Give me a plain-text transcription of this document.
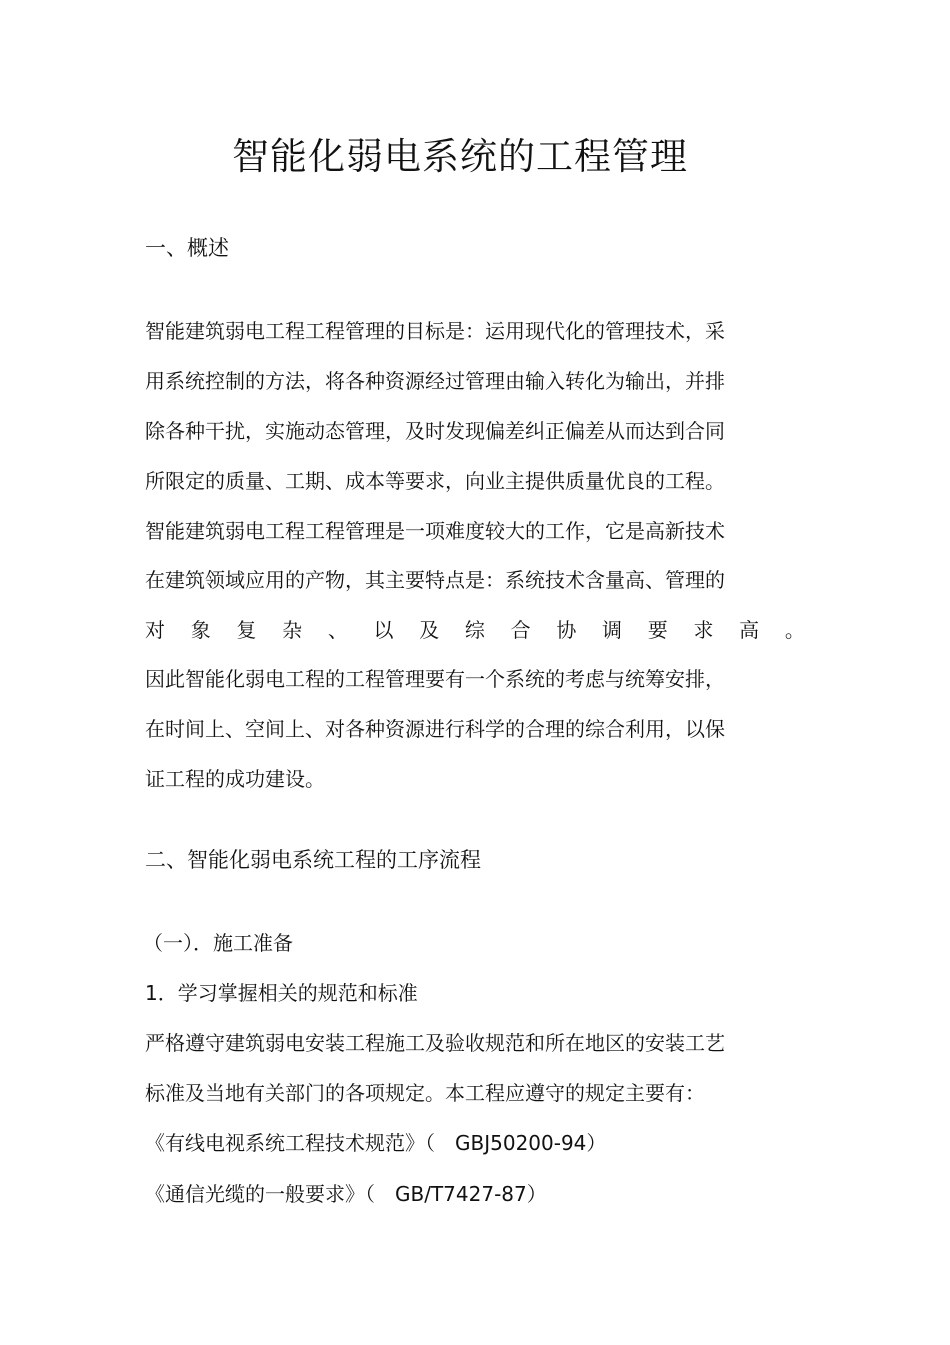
智能化弱电系统的工程管理
一、概述
智能建筑弱电工程工程管理的目标是：运用现代化的管理技术，采
用系统控制的方法，将各种资源经过管理由输入转化为输出，并排
除各种干扰，实施动态管理，及时发现偏差纠正偏差从而达到合同
所限定的质量、工期、成本等要求，向业主提供质量优良的工程。
智能建筑弱电工程工程管理是一项难度较大的工作，它是高新技术
在建筑领域应用的产物，其主要特点是：系统技术含量高、管理的
对 象 复 杂 、 以 及 综 合 协 调 要 求 高 。
因此智能化弱电工程的工程管理要有一个系统的考虑与统筹安排，
在时间上、空间上、对各种资源进行科学的合理的综合利用，以保
证工程的成功建设。
二、智能化弱电系统工程的工序流程
（一）．施工准备
1．学习掌握相关的规范和标准
严格遵守建筑弱电安装工程施工及验收规范和所在地区的安装工艺
标准及当地有关部门的各项规定。本工程应遵守的规定主要有：
《有线电视系统工程技术规范》（　GBJ50200-94）
《通信光缆的一般要求》（　GB/T7427-87）
